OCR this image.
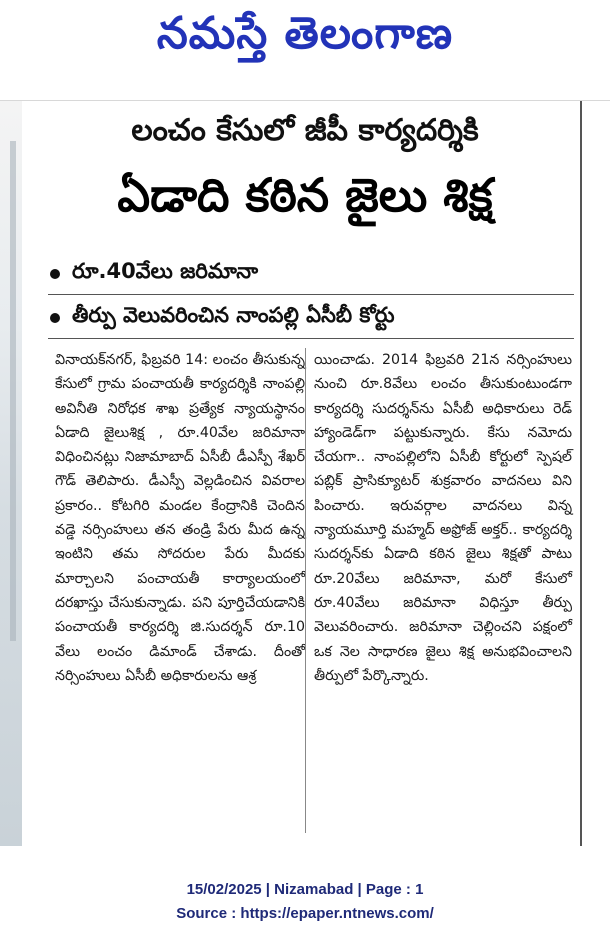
నమస్తే తెలంగాణ
లంచం కేసులో జీపీ కార్యదర్శికి
ఏడాది కఠిన జైలు శిక్ష
రూ.40వేలు జరిమానా
తీర్పు వెలువరించిన నాంపల్లి ఏసీబీ కోర్టు

వినాయక్‌నగర్, ఫిబ్రవరి 14: లంచం తీసుకున్న కేసులో గ్రామ పంచాయతీ కార్యదర్శికి నాంపల్లి అవినీతి నిరోధక శాఖ ప్రత్యేక న్యాయస్థానం ఏడాది జైలుశిక్ష , రూ.40వేల జరిమానా విధించినట్లు నిజామాబాద్ ఏసీబీ డీఎస్పీ శేఖర్ గౌడ్ తెలిపారు. డీఎస్పీ వెల్లడించిన వివరాల ప్రకారం.. కోటగిరి మండల కేంద్రానికి చెందిన వడ్డె నర్సింహులు తన తండ్రి పేరు మీద ఉన్న ఇంటిని తమ సోదరుల పేరు మీదకు మార్చాలని పంచాయతీ కార్యాలయంలో దరఖాస్తు చేసుకున్నాడు. పని పూర్తిచేయడానికి పంచాయతీ కార్యదర్శి జి.సుదర్శన్ రూ.10 వేలు లంచం డిమాండ్ చేశాడు. దీంతో నర్సింహులు ఏసీబీ అధికారులను ఆశ్ర

యించాడు. 2014 ఫిబ్రవరి 21న నర్సింహులు నుంచి రూ.8వేలు లంచం తీసుకుంటుండగా కార్యదర్శి సుదర్శన్‌ను ఏసీబీ అధికారులు రెడ్ హ్యాండెడ్‌గా పట్టుకున్నారు. కేసు నమోదు చేయగా.. నాంపల్లిలోని ఏసీబీ కోర్టులో స్పెషల్ పబ్లిక్ ప్రాసిక్యూటర్ శుక్రవారం వాదనలు విని పించారు. ఇరువర్గాల వాదనలు విన్న న్యాయమూర్తి మహ్మద్ అఫ్రోజ్ అక్తర్.. కార్యదర్శి సుదర్శన్‌కు ఏడాది కఠిన జైలు శిక్షతో పాటు రూ.20వేలు జరిమానా, మరో కేసులో రూ.40వేలు జరిమానా విధిస్తూ తీర్పు వెలువరించారు. జరిమానా చెల్లించని పక్షంలో ఒక నెల సాధారణ జైలు శిక్ష అనుభవించాలని తీర్పులో పేర్కొన్నారు.

15/02/2025 | Nizamabad | Page : 1
Source : https://epaper.ntnews.com/
